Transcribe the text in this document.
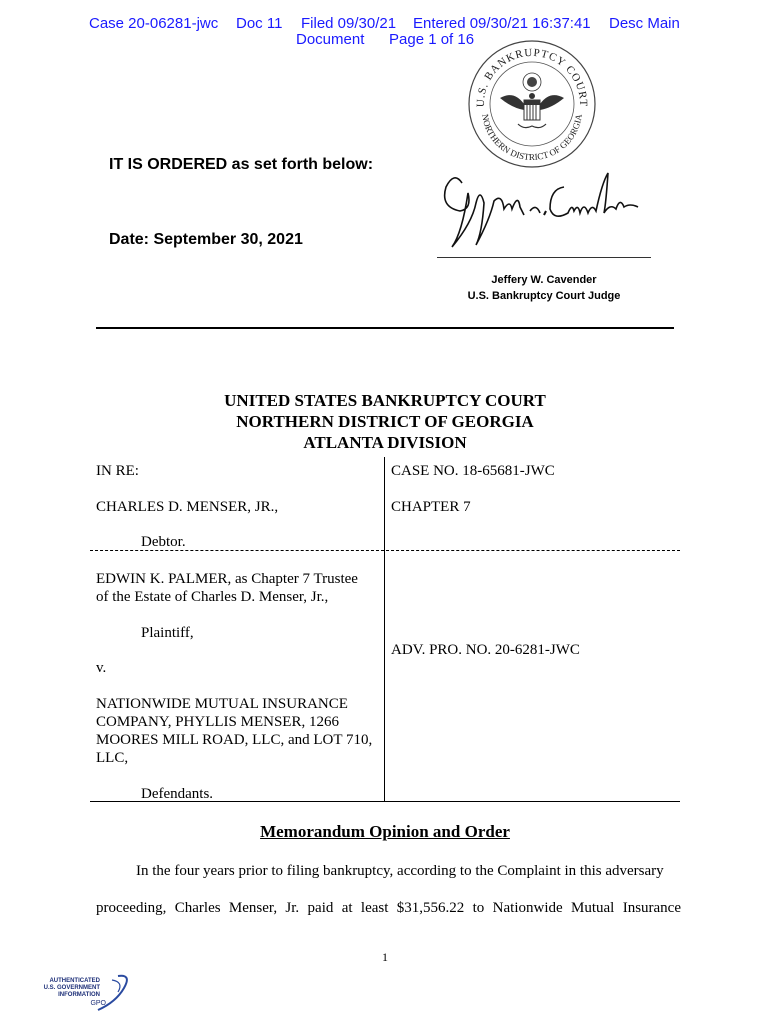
Case 20-06281-jwc Doc 11 Filed 09/30/21 Entered 09/30/21 16:37:41 Desc Main
Document Page 1 of 16
U.S. BANKRUPTCY COURT
NORTHERN DISTRICT OF GEORGIA
IT IS ORDERED as set forth below:
Date: September 30, 2021
Jeffery W. Cavender
U.S. Bankruptcy Court Judge
UNITED STATES BANKRUPTCY COURT
NORTHERN DISTRICT OF GEORGIA
ATLANTA DIVISION
IN RE:	CASE NO. 18-65681-JWC
CHARLES D. MENSER, JR.,	CHAPTER 7
Debtor.
EDWIN K. PALMER, as Chapter 7 Trustee
of the Estate of Charles D. Menser, Jr.,
Plaintiff,
ADV. PRO. NO. 20-6281-JWC
v.
NATIONWIDE MUTUAL INSURANCE
COMPANY, PHYLLIS MENSER, 1266
MOORES MILL ROAD, LLC, and LOT 710,
LLC,
Defendants.
Memorandum Opinion and Order
In the four years prior to filing bankruptcy, according to the Complaint in this adversary
proceeding, Charles Menser, Jr. paid at least $31,556.22 to Nationwide Mutual Insurance
1
AUTHENTICATED
U.S. GOVERNMENT
INFORMATION
GPO
